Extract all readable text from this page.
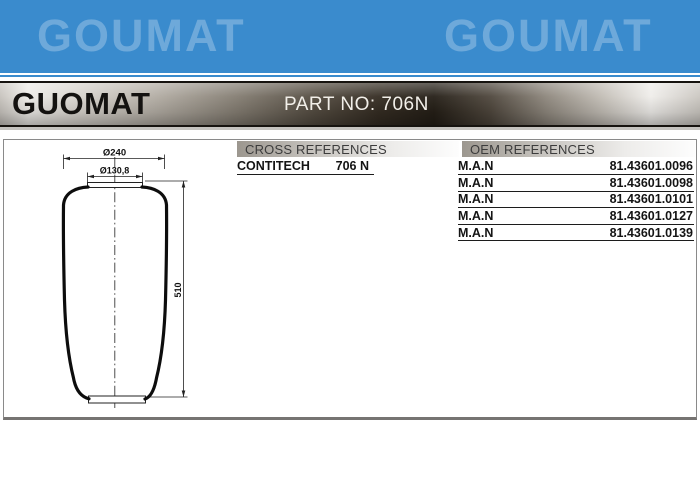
GOUMAT	GOUMAT
GUOMAT	PART NO: 706N
Ø240
Ø130,8
510
CROSS REFERENCES
CONTITECH 706 N
OEM REFERENCES
M.A.N	81.43601.0096
M.A.N	81.43601.0098
M.A.N	81.43601.0101
M.A.N	81.43601.0127
M.A.N	81.43601.0139
